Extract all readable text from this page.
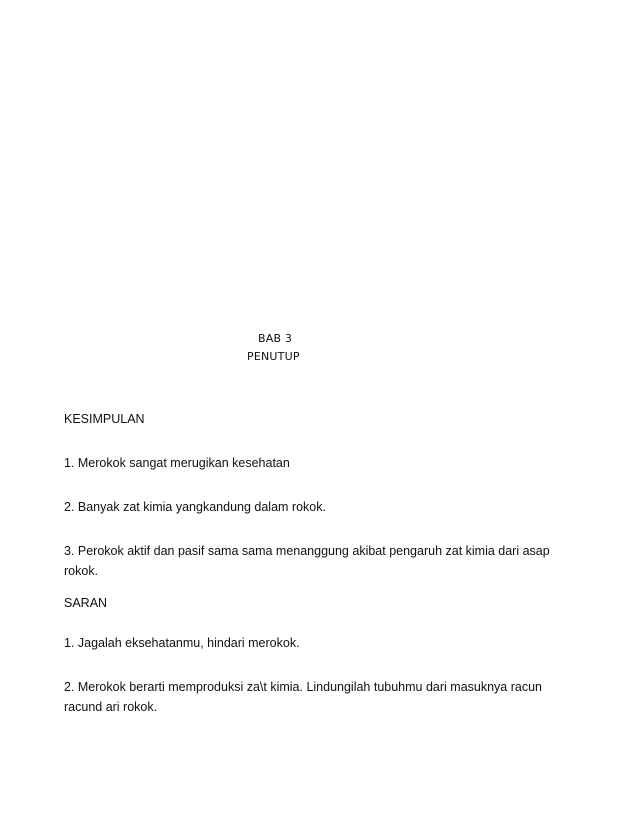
BAB 3
PENUTUP
KESIMPULAN
1. Merokok sangat merugikan kesehatan
2. Banyak zat kimia yangkandung dalam rokok.
3. Perokok aktif dan pasif sama sama menanggung akibat pengaruh zat kimia dari asap rokok.
SARAN
1. Jagalah eksehatanmu, hindari merokok.
2. Merokok berarti memproduksi za\t kimia. Lindungilah tubuhmu dari masuknya racun racund ari rokok.
